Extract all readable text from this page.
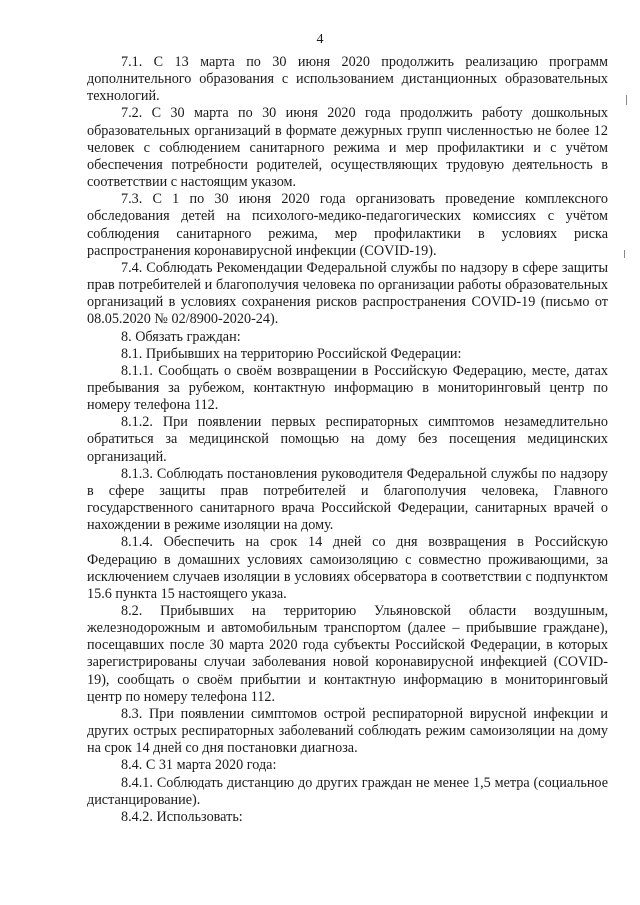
4

7.1. С 13 марта по 30 июня 2020 продолжить реализацию программ дополнительного образования с использованием дистанционных образовательных технологий.

7.2. С 30 марта по 30 июня 2020 года продолжить работу дошкольных образовательных организаций в формате дежурных групп численностью не более 12 человек с соблюдением санитарного режима и мер профилактики и с учётом обеспечения потребности родителей, осуществляющих трудовую деятельность в соответствии с настоящим указом.

7.3. С 1 по 30 июня 2020 года организовать проведение комплексного обследования детей на психолого-медико-педагогических комиссиях с учётом соблюдения санитарного режима, мер профилактики в условиях риска распространения коронавирусной инфекции (COVID-19).

7.4. Соблюдать Рекомендации Федеральной службы по надзору в сфере защиты прав потребителей и благополучия человека по организации работы образовательных организаций в условиях сохранения рисков распространения COVID-19 (письмо от 08.05.2020 № 02/8900-2020-24).

8. Обязать граждан:

8.1. Прибывших на территорию Российской Федерации:

8.1.1. Сообщать о своём возвращении в Российскую Федерацию, месте, датах пребывания за рубежом, контактную информацию в мониторинговый центр по номеру телефона 112.

8.1.2. При появлении первых респираторных симптомов незамедлительно обратиться за медицинской помощью на дому без посещения медицинских организаций.

8.1.3. Соблюдать постановления руководителя Федеральной службы по надзору в сфере защиты прав потребителей и благополучия человека, Главного государственного санитарного врача Российской Федерации, санитарных врачей о нахождении в режиме изоляции на дому.

8.1.4. Обеспечить на срок 14 дней со дня возвращения в Российскую Федерацию в домашних условиях самоизоляцию с совместно проживающими, за исключением случаев изоляции в условиях обсерватора в соответствии с подпунктом 15.6 пункта 15 настоящего указа.

8.2. Прибывших на территорию Ульяновской области воздушным, железнодорожным и автомобильным транспортом (далее – прибывшие граждане), посещавших после 30 марта 2020 года субъекты Российской Федерации, в которых зарегистрированы случаи заболевания новой коронавирусной инфекцией (COVID-19), сообщать о своём прибытии и контактную информацию в мониторинговый центр по номеру телефона 112.

8.3. При появлении симптомов острой респираторной вирусной инфекции и других острых респираторных заболеваний соблюдать режим самоизоляции на дому на срок 14 дней со дня постановки диагноза.

8.4. С 31 марта 2020 года:

8.4.1. Соблюдать дистанцию до других граждан не менее 1,5 метра (социальное дистанцирование).

8.4.2. Использовать:
